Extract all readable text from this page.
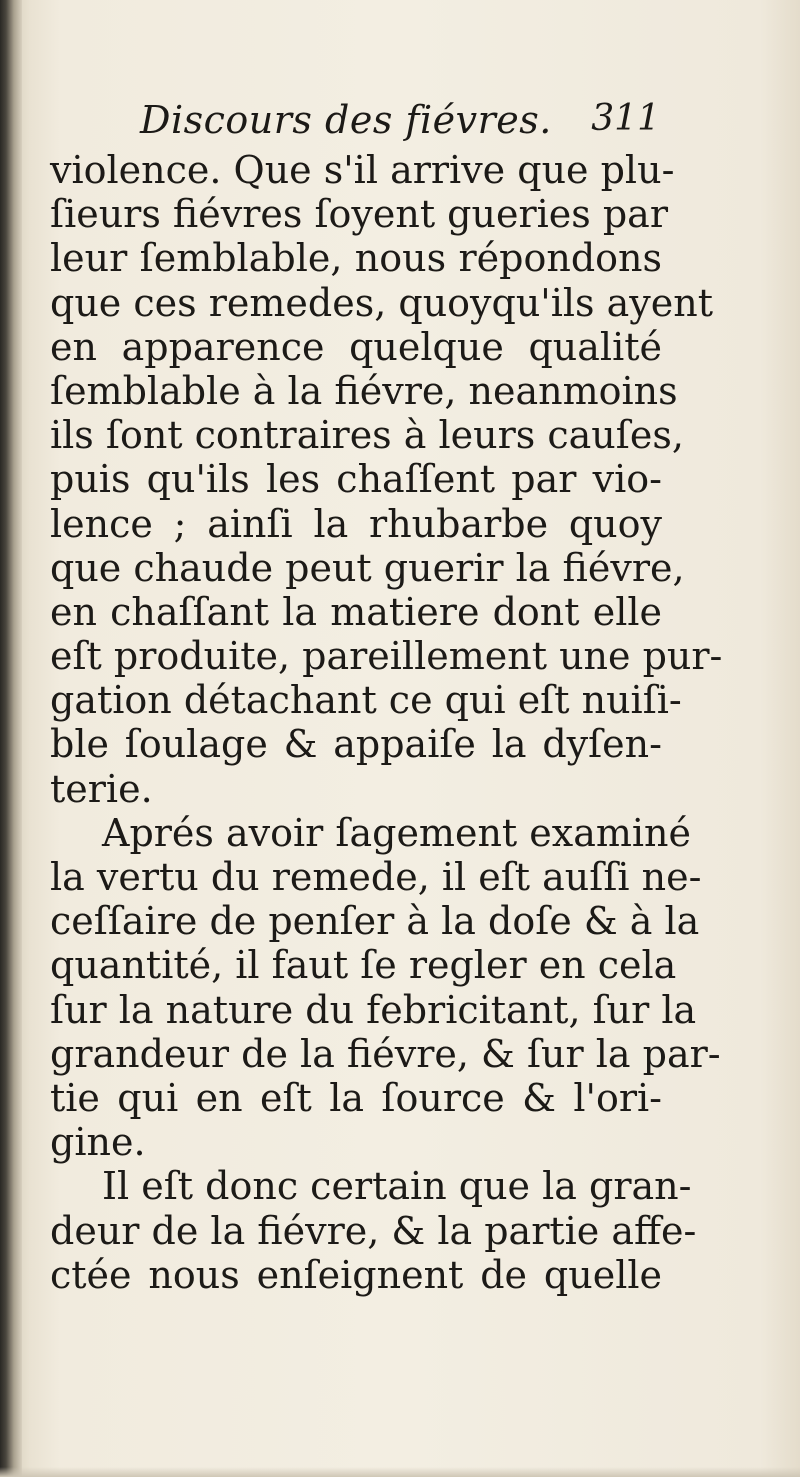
Discours des fiévres. 311
violence. Que s'il arrive que plu-
ſieurs fiévres ſoyent gueries par
leur ſemblable, nous répondons
que ces remedes, quoyqu'ils ayent
en apparence quelque qualité
ſemblable à la fiévre, neanmoins
ils ſont contraires à leurs cauſes,
puis qu'ils les chaſſent par vio-
lence ; ainſi la rhubarbe quoy
que chaude peut guerir la fiévre,
en chaſſant la matiere dont elle
eſt produite, pareillement une pur-
gation détachant ce qui eſt nuiſi-
ble ſoulage & appaiſe la dyſen-
terie.
Aprés avoir ſagement examiné
la vertu du remede, il eſt auſſi ne-
ceſſaire de penſer à la doſe & à la
quantité, il faut ſe regler en cela
ſur la nature du febricitant, ſur la
grandeur de la fiévre, & ſur la par-
tie qui en eſt la ſource & l'ori-
gine.
Il eſt donc certain que la gran-
deur de la fiévre, & la partie affe-
ctée nous enſeignent de quelle
